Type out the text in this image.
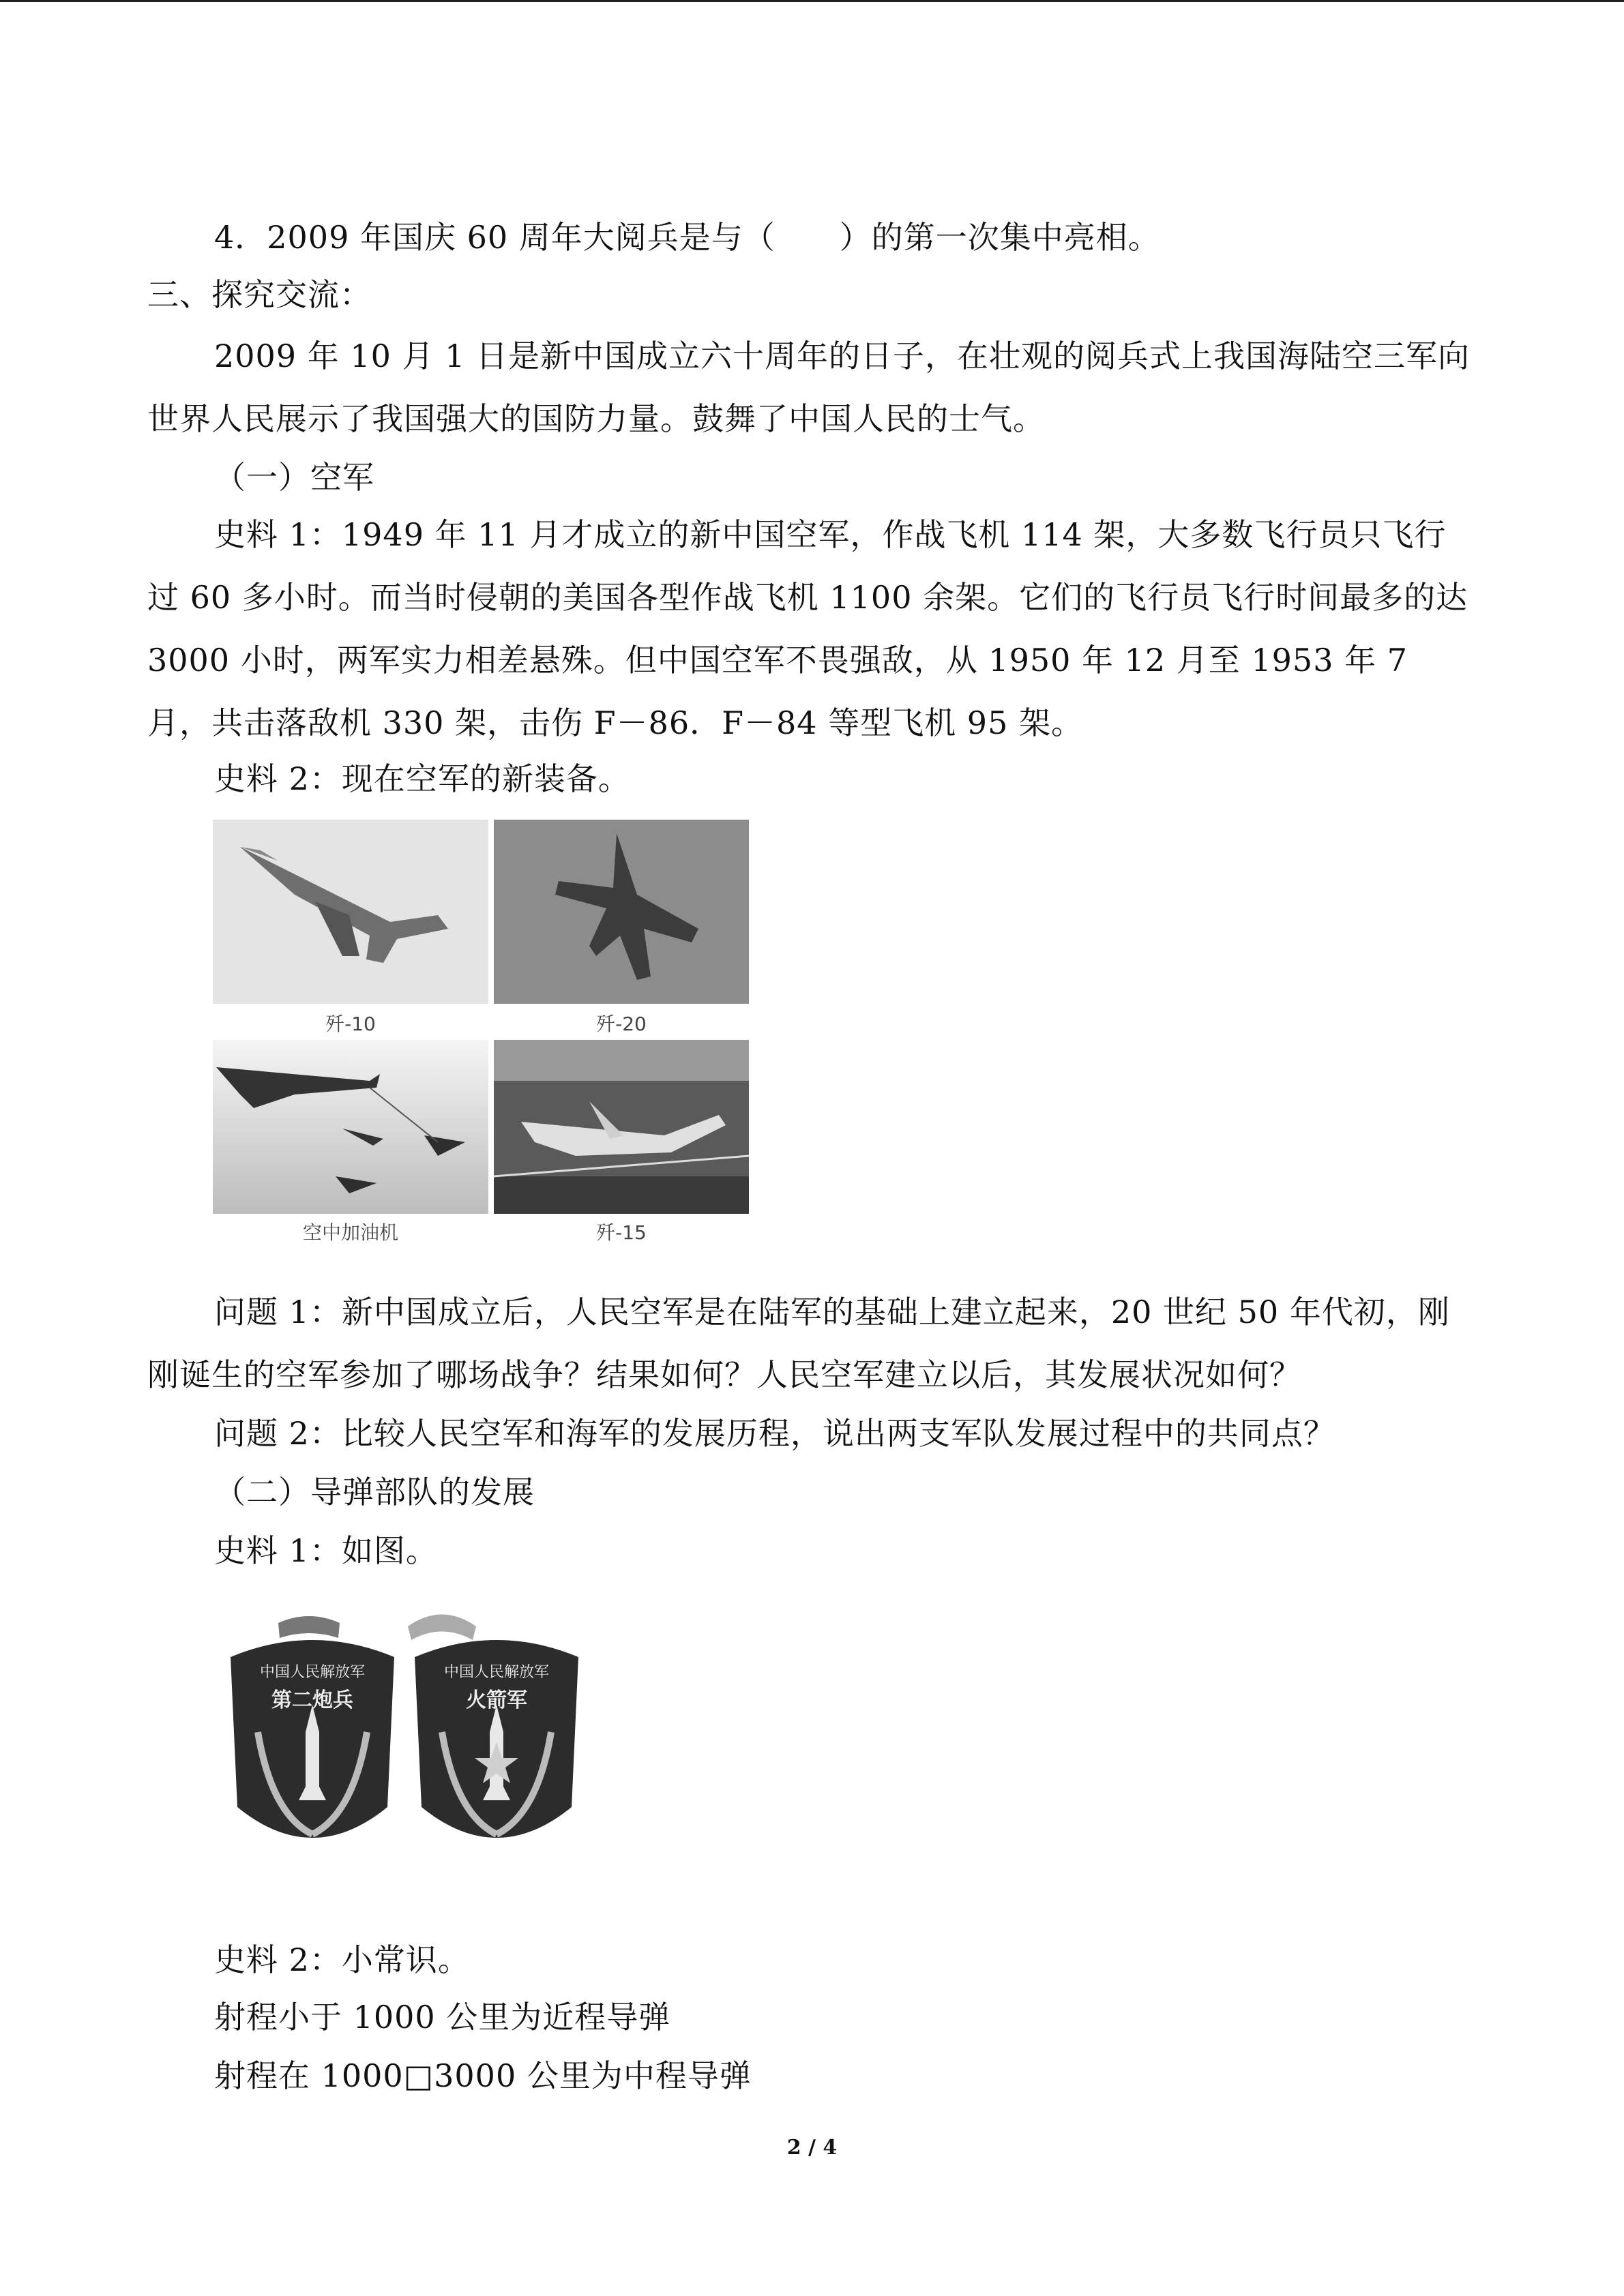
4．2009 年国庆 60 周年大阅兵是与（　　）的第一次集中亮相。
三、探究交流：
2009 年 10 月 1 日是新中国成立六十周年的日子，在壮观的阅兵式上我国海陆空三军向世界人民展示了我国强大的国防力量。鼓舞了中国人民的士气。
（一）空军
史料 1：1949 年 11 月才成立的新中国空军，作战飞机 114 架，大多数飞行员只飞行过 60 多小时。而当时侵朝的美国各型作战飞机 1100 余架。它们的飞行员飞行时间最多的达 3000 小时，两军实力相差悬殊。但中国空军不畏强敌，从 1950 年 12 月至 1953 年 7 月，共击落敌机 330 架，击伤 F－86．F－84 等型飞机 95 架。
史料 2：现在空军的新装备。
歼-10	歼-20
空中加油机	歼-15
问题 1：新中国成立后，人民空军是在陆军的基础上建立起来，20 世纪 50 年代初，刚刚诞生的空军参加了哪场战争？结果如何？人民空军建立以后，其发展状况如何？
问题 2：比较人民空军和海军的发展历程，说出两支军队发展过程中的共同点？
（二）导弹部队的发展
史料 1：如图。
中国人民解放军
第二炮兵
中国人民解放军
火箭军
史料 2：小常识。
射程小于 1000 公里为近程导弹
射程在 1000□3000 公里为中程导弹
2 / 4
